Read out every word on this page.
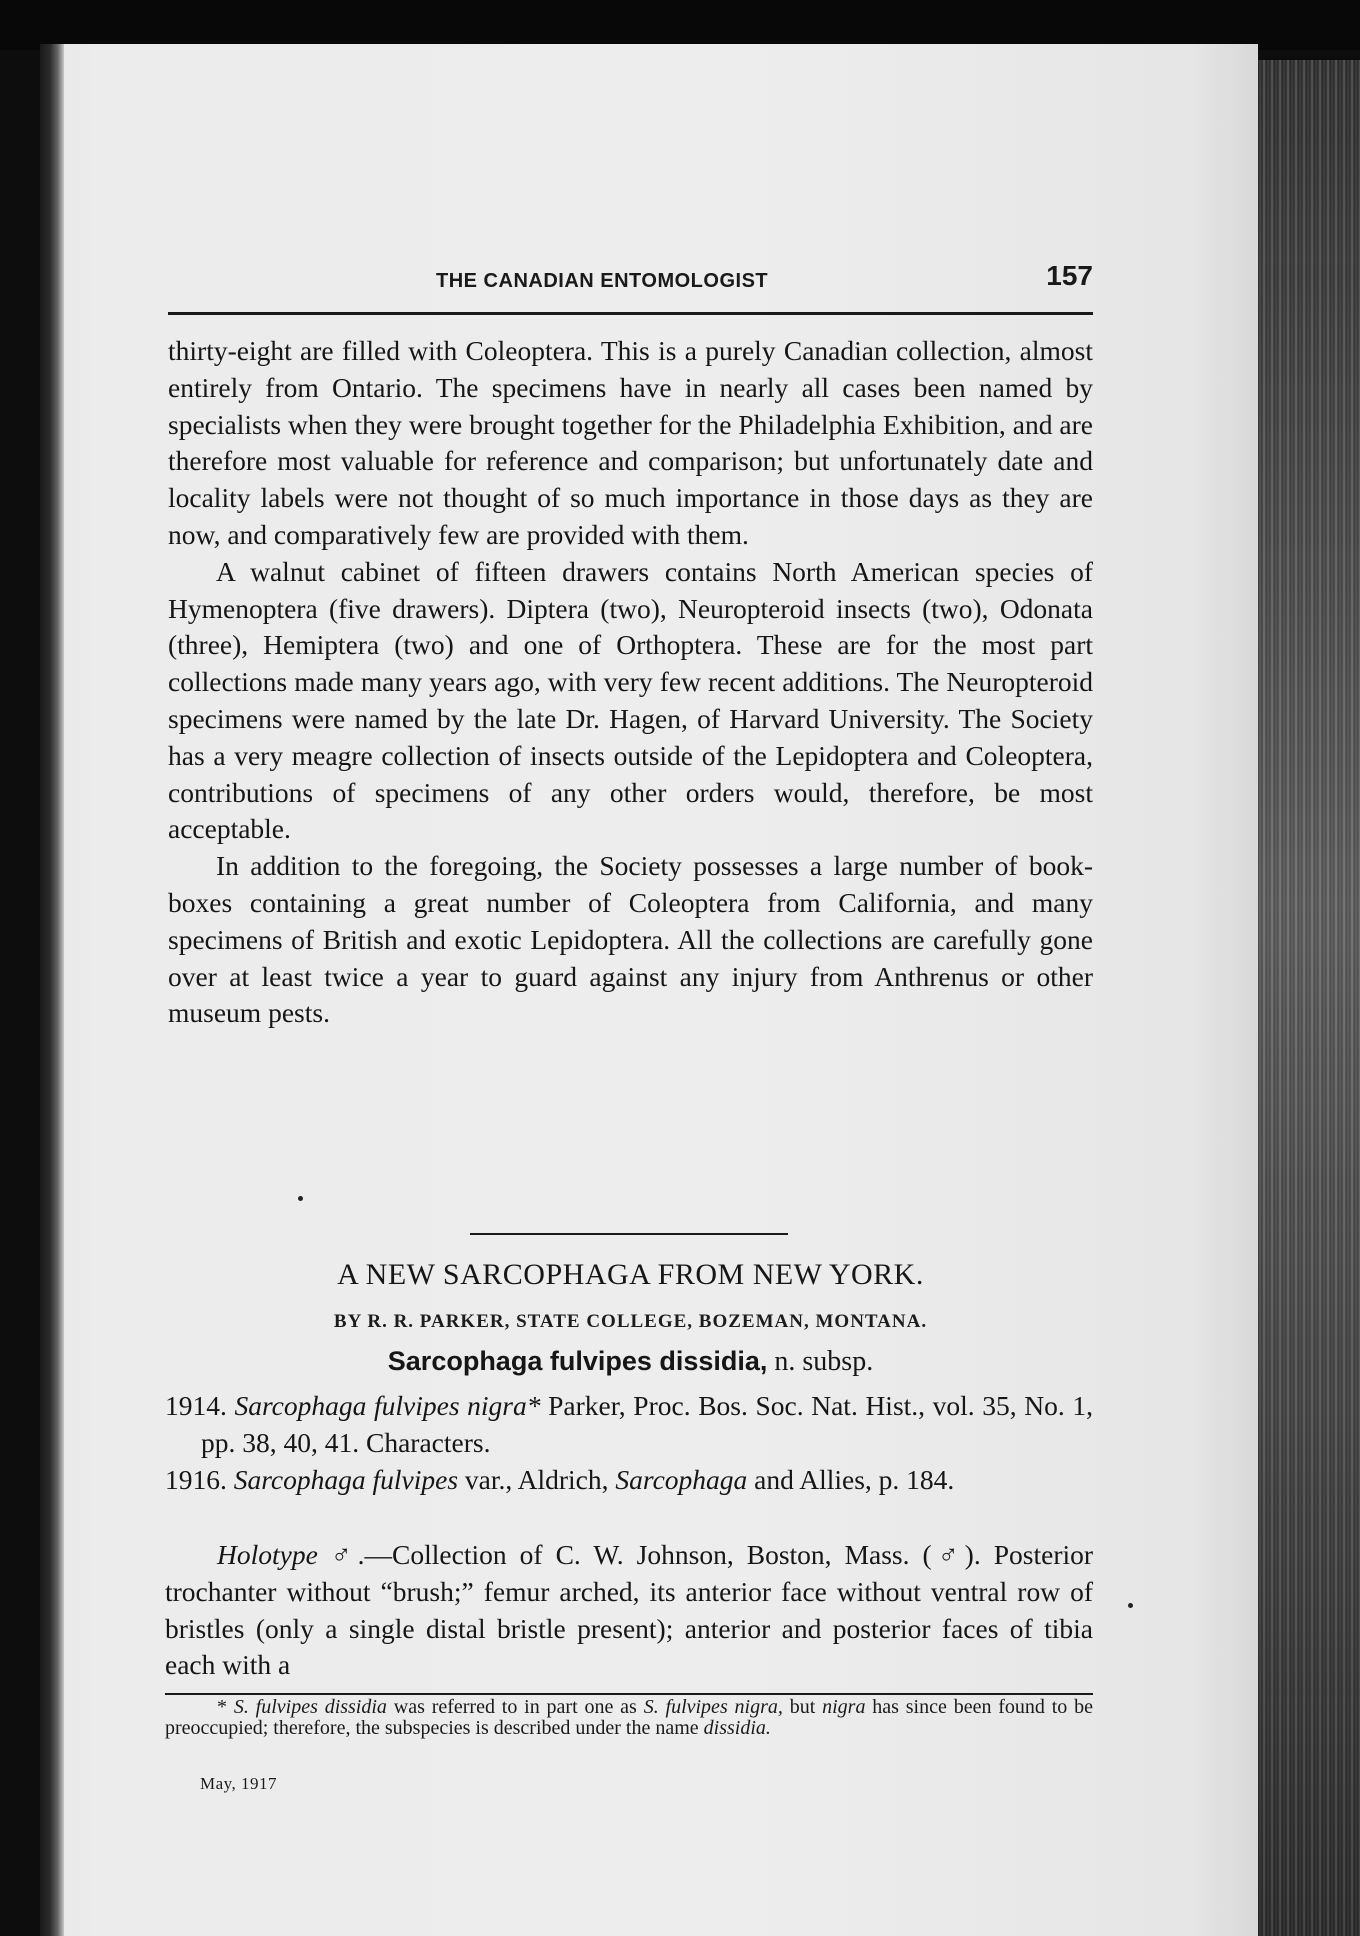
THE CANADIAN ENTOMOLOGIST	157

thirty-eight are filled with Coleoptera. This is a purely Canadian collection, almost entirely from Ontario. The specimens have in nearly all cases been named by specialists when they were brought together for the Philadelphia Exhibition, and are therefore most valuable for reference and comparison; but unfortunately date and locality labels were not thought of so much importance in those days as they are now, and comparatively few are provided with them.

A walnut cabinet of fifteen drawers contains North American species of Hymenoptera (five drawers). Diptera (two), Neuropteroid insects (two), Odonata (three), Hemiptera (two) and one of Orthoptera. These are for the most part collections made many years ago, with very few recent additions. The Neuropteroid specimens were named by the late Dr. Hagen, of Harvard University. The Society has a very meagre collection of insects outside of the Lepidoptera and Coleoptera, contributions of specimens of any other orders would, therefore, be most acceptable.

In addition to the foregoing, the Society possesses a large number of book-boxes containing a great number of Coleoptera from California, and many specimens of British and exotic Lepidoptera. All the collections are carefully gone over at least twice a year to guard against any injury from Anthrenus or other museum pests.

A NEW SARCOPHAGA FROM NEW YORK.
BY R. R. PARKER, STATE COLLEGE, BOZEMAN, MONTANA.
Sarcophaga fulvipes dissidia, n. subsp.
1914. Sarcophaga fulvipes nigra* Parker, Proc. Bos. Soc. Nat. Hist., vol. 35, No. 1, pp. 38, 40, 41. Characters.
1916. Sarcophaga fulvipes var., Aldrich, Sarcophaga and Allies, p. 184.
Holotype ♂.—Collection of C. W. Johnson, Boston, Mass. (♂). Posterior trochanter without “brush;” femur arched, its anterior face without ventral row of bristles (only a single distal bristle present); anterior and posterior faces of tibia each with a
* S. fulvipes dissidia was referred to in part one as S. fulvipes nigra, but nigra has since been found to be preoccupied; therefore, the subspecies is described under the name dissidia.
May, 1917
